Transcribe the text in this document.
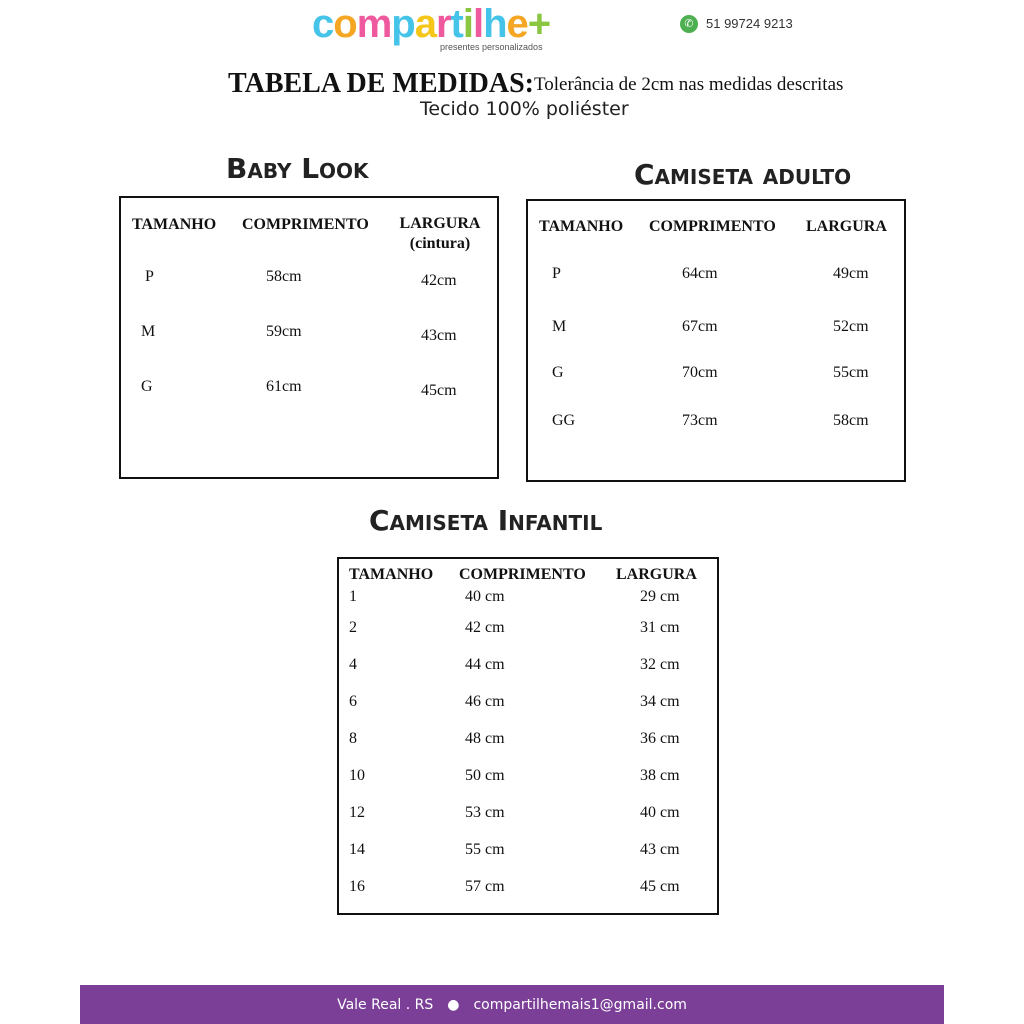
compartilhe+
presentes personalizados
✆ 51 99724 9213
TABELA DE MEDIDAS: Tolerância de 2cm nas medidas descritas
Tecido 100% poliéster
Baby Look
TAMANHO COMPRIMENTO	LARGURA
(cintura)
P	58cm	42cm
M	59cm	43cm
G	61cm	45cm
Camiseta adulto
TAMANHO COMPRIMENTO LARGURA
P	64cm	49cm
M	67cm	52cm
G	70cm	55cm
GG	73cm	58cm
Camiseta Infantil
TAMANHO COMPRIMENTO LARGURA
1	40 cm	29 cm
2	42 cm	31 cm
4	44 cm	32 cm
6	46 cm	34 cm
8	48 cm	36 cm
10	50 cm	38 cm
12	53 cm	40 cm
14	55 cm	43 cm
16	57 cm	45 cm
Vale Real . RS ● compartilhemais1@gmail.com
